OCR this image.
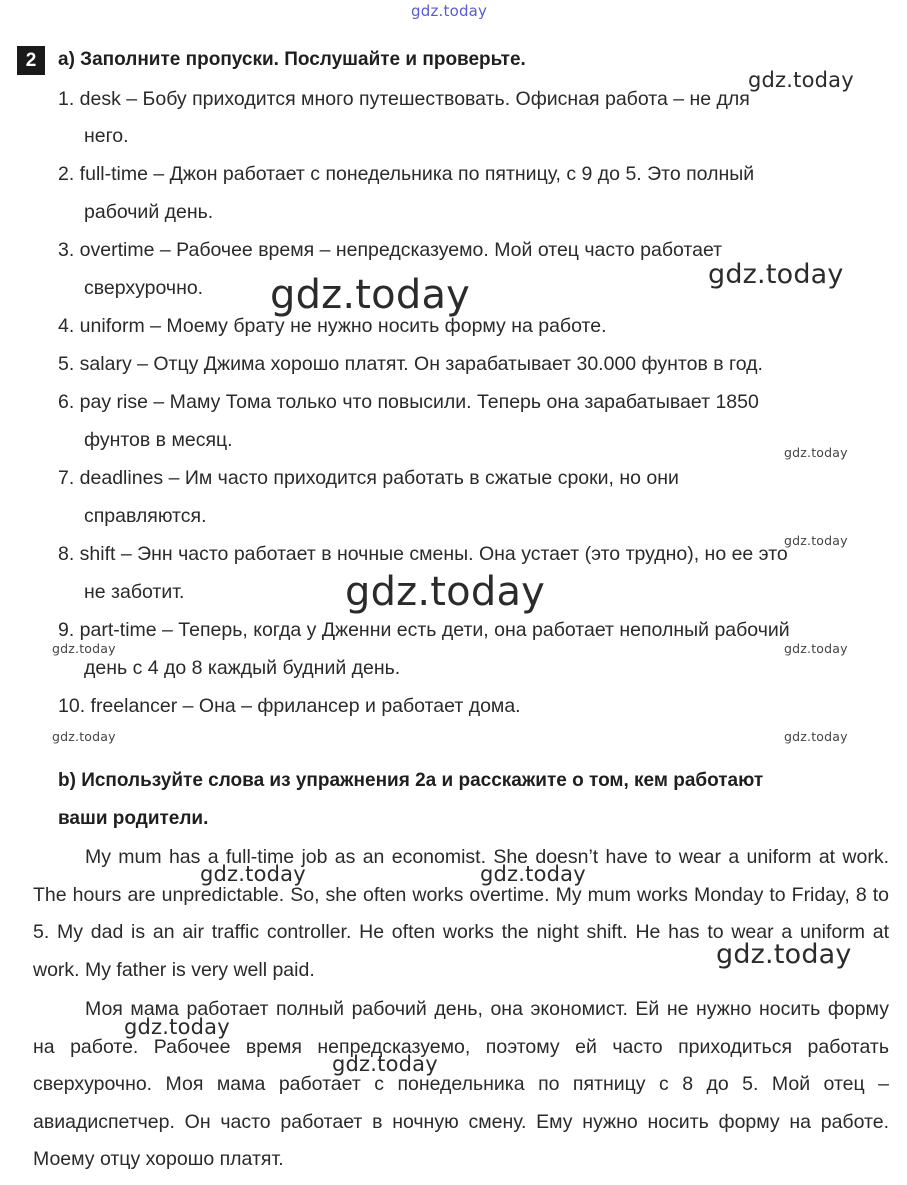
gdz.today
gdz.today
gdz.today
gdz.today
gdz.today
gdz.today
gdz.today
gdz.today	gdz.today
gdz.today	gdz.today
gdz.today	gdz.today
gdz.today
gdz.today
gdz.today
2	a) Заполните пропуски. Послушайте и проверьте.
1. desk – Бобу приходится много путешествовать. Офисная работа – не для
него.
2. full-time – Джон работает с понедельника по пятницу, с 9 до 5. Это полный
рабочий день.
3. overtime – Рабочее время – непредсказуемо. Мой отец часто работает
сверхурочно.
4. uniform – Моему брату не нужно носить форму на работе.
5. salary – Отцу Джима хорошо платят. Он зарабатывает 30.000 фунтов в год.
6. pay rise – Маму Тома только что повысили. Теперь она зарабатывает 1850
фунтов в месяц.
7. deadlines – Им часто приходится работать в сжатые сроки, но они
справляются.
8. shift – Энн часто работает в ночные смены. Она устает (это трудно), но ее это
не заботит.
9. part-time – Теперь, когда у Дженни есть дети, она работает неполный рабочий
день с 4 до 8 каждый будний день.
10. freelancer – Она – фрилансер и работает дома.
b) Используйте слова из упражнения 2a и расскажите о том, кем работают
ваши родители.
My mum has a full-time job as an economist. She doesn’t have to wear a uniform at work. The hours are unpredictable. So, she often works overtime. My mum works Monday to Friday, 8 to 5. My dad is an air traffic controller. He often works the night shift. He has to wear a uniform at work. My father is very well paid.
Моя мама работает полный рабочий день, она экономист. Ей не нужно носить форму на работе. Рабочее время непредсказуемо, поэтому ей часто приходиться работать сверхурочно. Моя мама работает с понедельника по пятницу с 8 до 5. Мой отец – авиадиспетчер. Он часто работает в ночную смену. Ему нужно носить форму на работе. Моему отцу хорошо платят.
